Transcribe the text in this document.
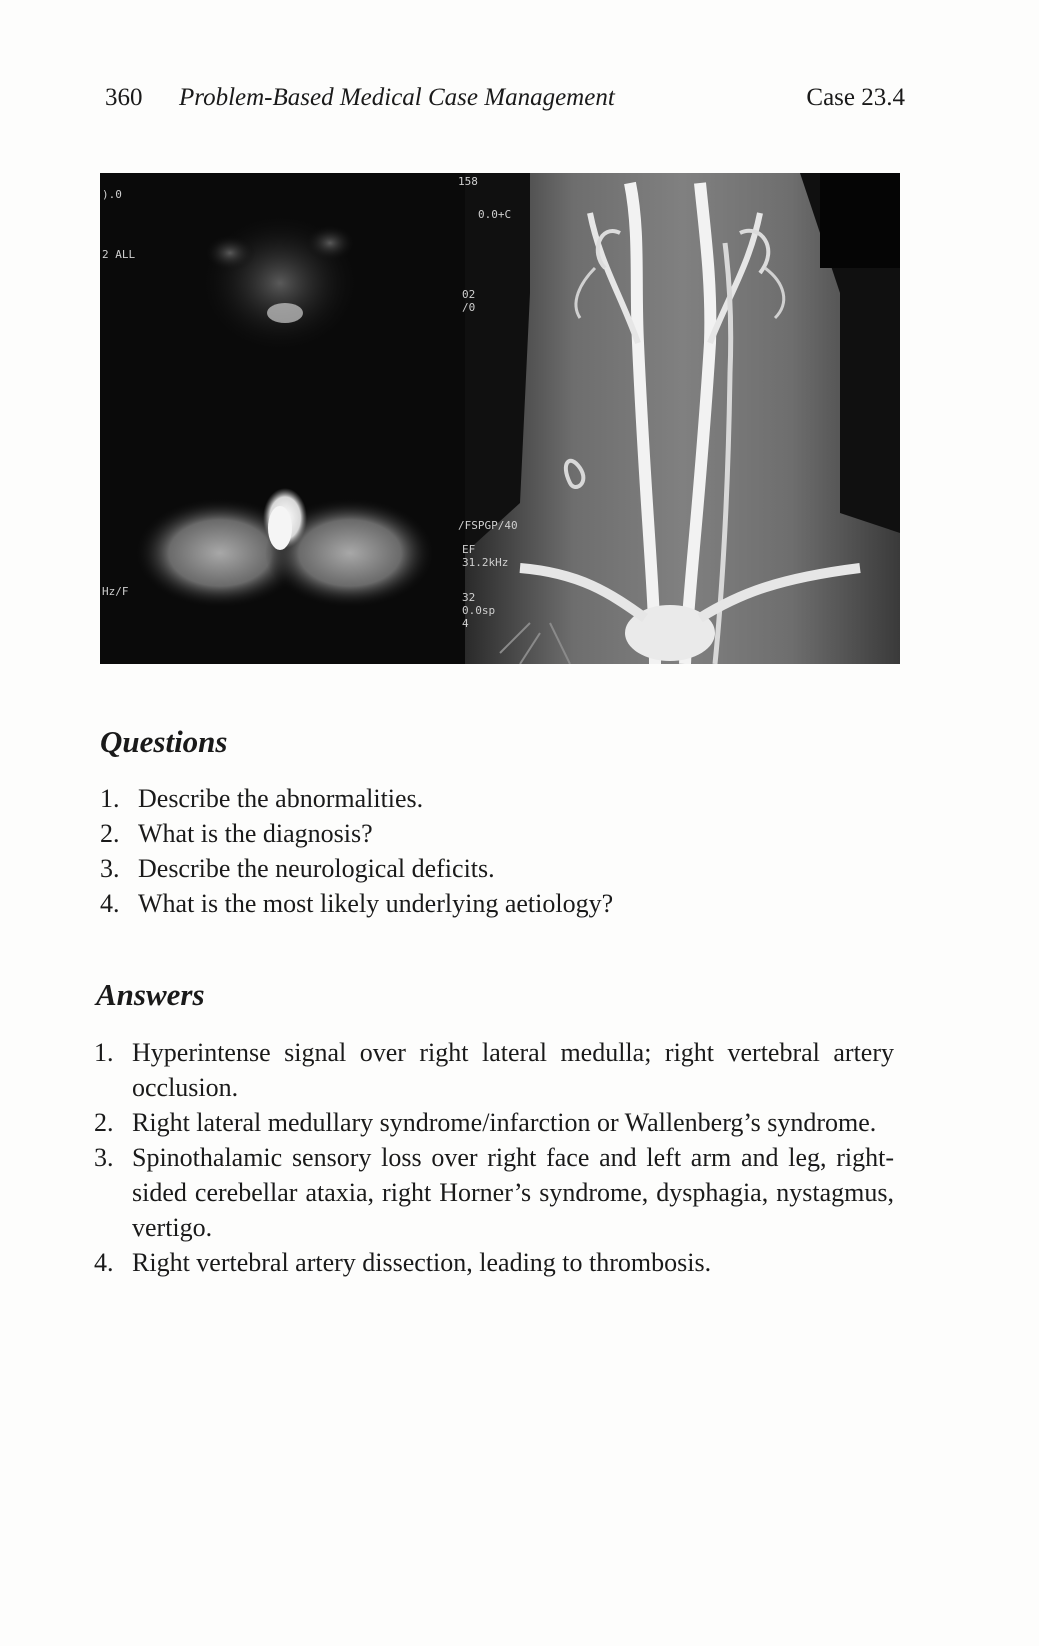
360 Problem-Based Medical Case Management	Case 23.4
).0
2 ALL
Hz/F
158
0.0+C
02
/0
/FSPGP/40
EF
31.2kHz
32
0.0sp
4
Questions
1. Describe the abnormalities.
2. What is the diagnosis?
3. Describe the neurological deficits.
4. What is the most likely underlying aetiology?
Answers
1. Hyperintense signal over right lateral medulla; right vertebral artery occlusion.
2. Right lateral medullary syndrome/infarction or Wallenberg’s syndrome.
3. Spinothalamic sensory loss over right face and left arm and leg, right-sided cerebellar ataxia, right Horner’s syndrome, dysphagia, nystagmus, vertigo.
4. Right vertebral artery dissection, leading to thrombosis.
